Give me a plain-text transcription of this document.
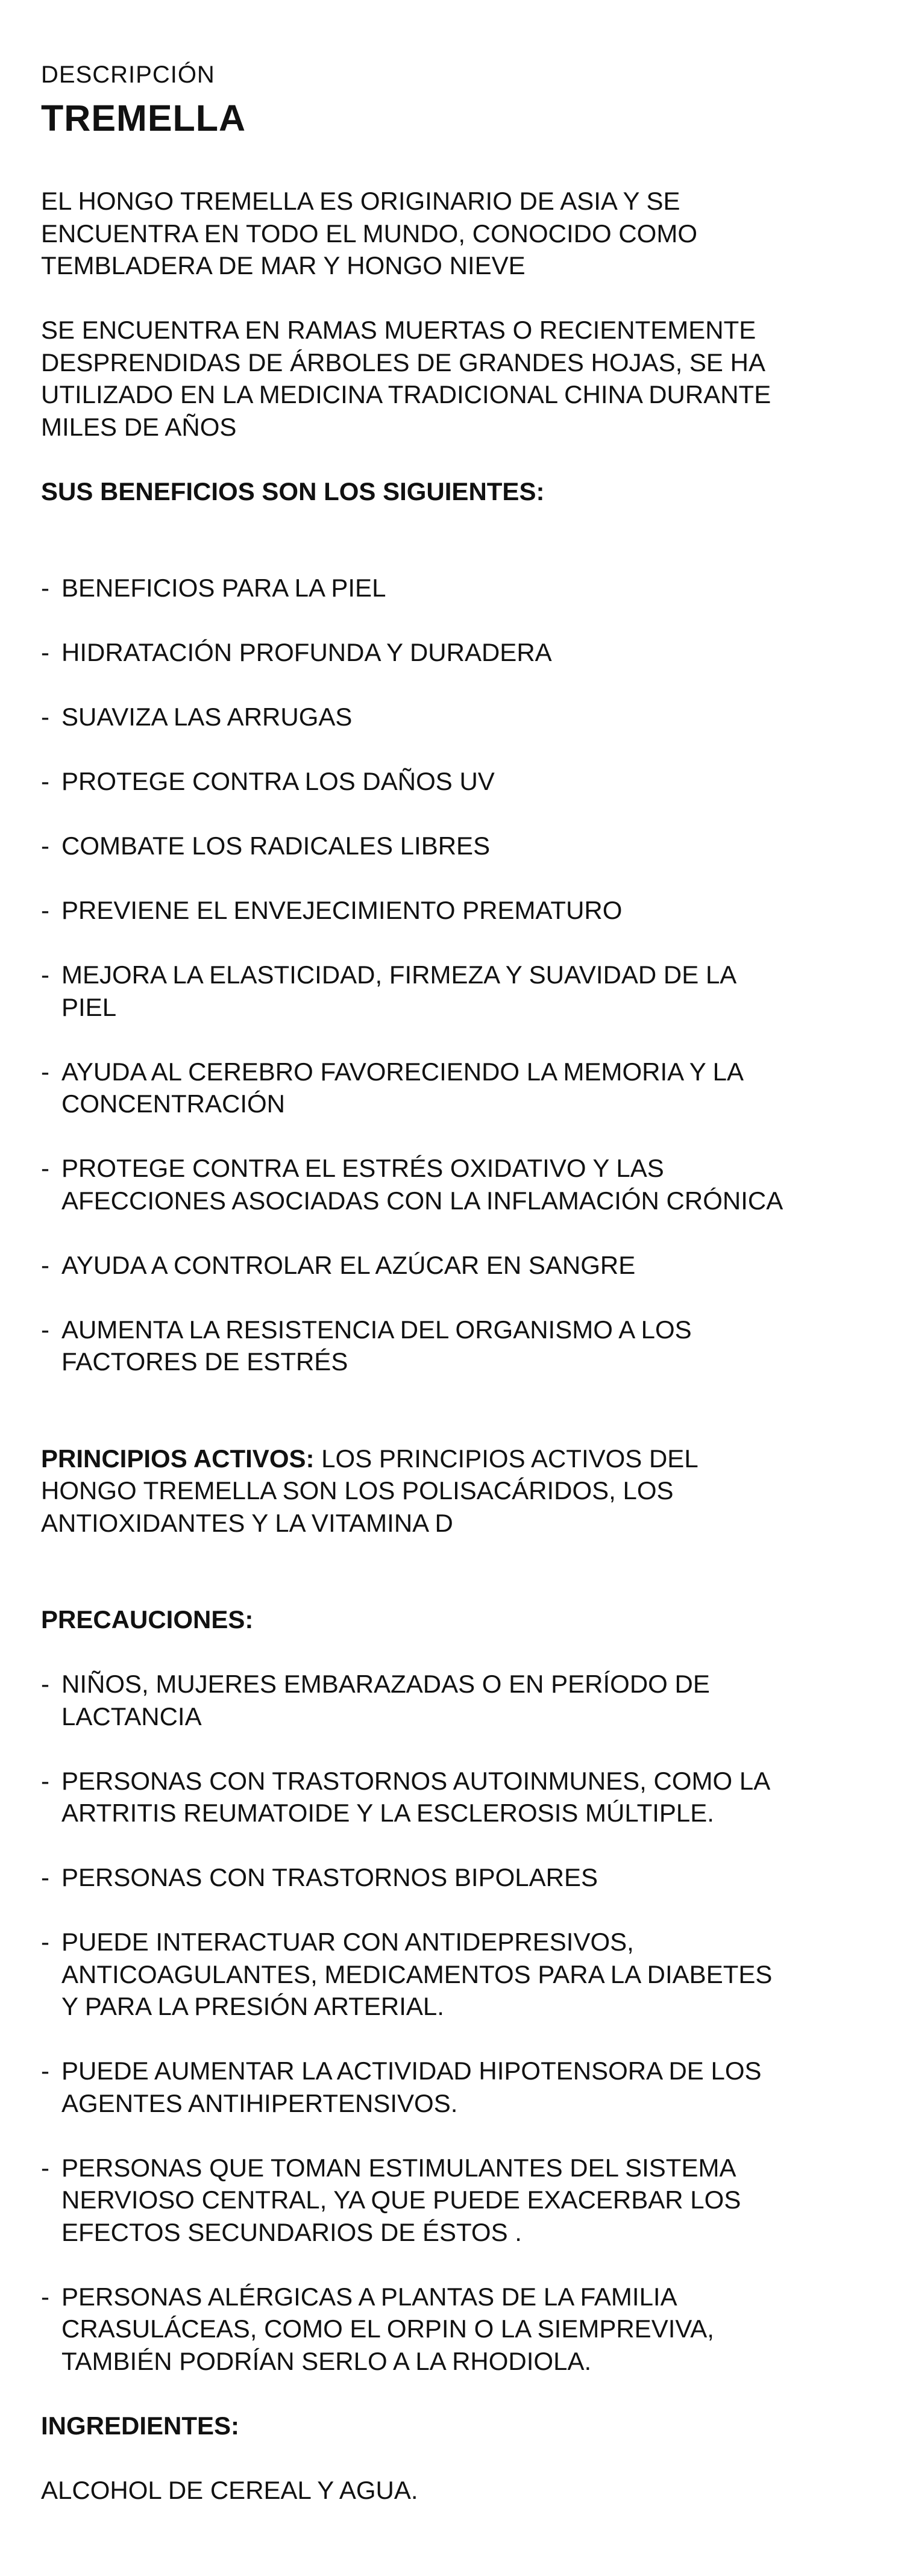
DESCRIPCIÓN
TREMELLA
EL HONGO TREMELLA ES ORIGINARIO DE ASIA Y SE
ENCUENTRA EN TODO EL MUNDO, CONOCIDO COMO
TEMBLADERA DE MAR Y HONGO NIEVE
SE ENCUENTRA EN RAMAS MUERTAS O RECIENTEMENTE
DESPRENDIDAS DE ÁRBOLES DE GRANDES HOJAS, SE HA
UTILIZADO EN LA MEDICINA TRADICIONAL CHINA DURANTE
MILES DE AÑOS
SUS BENEFICIOS SON LOS SIGUIENTES:
- BENEFICIOS PARA LA PIEL
- HIDRATACIÓN PROFUNDA Y DURADERA
- SUAVIZA LAS ARRUGAS
- PROTEGE CONTRA LOS DAÑOS UV
- COMBATE LOS RADICALES LIBRES
- PREVIENE EL ENVEJECIMIENTO PREMATURO
- MEJORA LA ELASTICIDAD, FIRMEZA Y SUAVIDAD DE LA
PIEL
- AYUDA AL CEREBRO FAVORECIENDO LA MEMORIA Y LA
CONCENTRACIÓN
- PROTEGE CONTRA EL ESTRÉS OXIDATIVO Y LAS
AFECCIONES ASOCIADAS CON LA INFLAMACIÓN CRÓNICA
- AYUDA A CONTROLAR EL AZÚCAR EN SANGRE
- AUMENTA LA RESISTENCIA DEL ORGANISMO A LOS
FACTORES DE ESTRÉS
PRINCIPIOS ACTIVOS: LOS PRINCIPIOS ACTIVOS DEL
HONGO TREMELLA SON LOS POLISACÁRIDOS, LOS
ANTIOXIDANTES Y LA VITAMINA D
PRECAUCIONES:
- NIÑOS, MUJERES EMBARAZADAS O EN PERÍODO DE
LACTANCIA
- PERSONAS CON TRASTORNOS AUTOINMUNES, COMO LA
ARTRITIS REUMATOIDE Y LA ESCLEROSIS MÚLTIPLE.
- PERSONAS CON TRASTORNOS BIPOLARES
- PUEDE INTERACTUAR CON ANTIDEPRESIVOS,
ANTICOAGULANTES, MEDICAMENTOS PARA LA DIABETES
Y PARA LA PRESIÓN ARTERIAL.
- PUEDE AUMENTAR LA ACTIVIDAD HIPOTENSORA DE LOS
AGENTES ANTIHIPERTENSIVOS.
- PERSONAS QUE TOMAN ESTIMULANTES DEL SISTEMA
NERVIOSO CENTRAL, YA QUE PUEDE EXACERBAR LOS
EFECTOS SECUNDARIOS DE ÉSTOS .
- PERSONAS ALÉRGICAS A PLANTAS DE LA FAMILIA
CRASULÁCEAS, COMO EL ORPIN O LA SIEMPREVIVA,
TAMBIÉN PODRÍAN SERLO A LA RHODIOLA.
INGREDIENTES:
ALCOHOL DE CEREAL Y AGUA.
